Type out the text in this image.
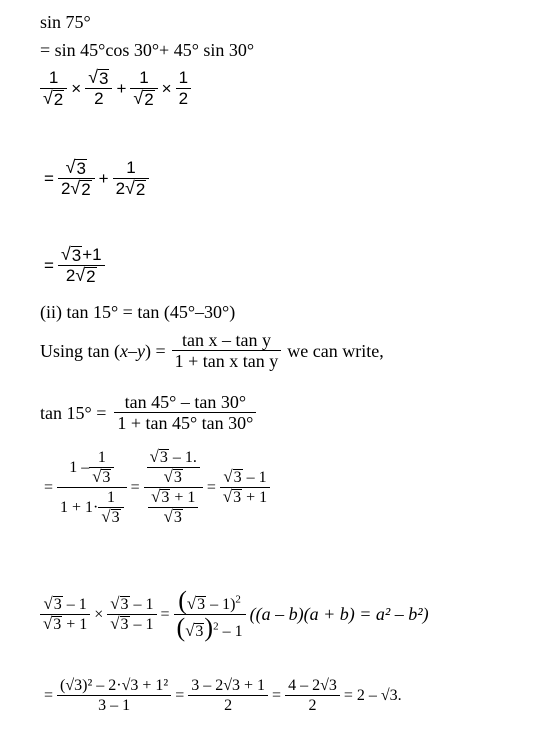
sin 75°
= sin 45°cos 30°+ 45° sin 30°
$\frac{1}{√ 2} \times \frac{√ 3}{2} + \frac{1}{√ 2} \times \frac{1}{2}$
= $\frac{√ 3}{2 √ 2} + \frac{1}{2 √ 2}$
= $\frac{√ 3 +1}{2 √ 2}$
(ii) tan 15° = tan (45°–30°)
Using tan ( x–y ) = $\frac{\text{tan x – tan y}}{\text{1 + tan x tan y}}$ we can write,
$\tan 15^\circ = \frac{\tan 45^\circ - \tan 30^\circ}{1 + \tan 45^\circ \tan 30^\circ}$
= $\frac{1 - \frac{1}{√ 3}}{1 + 1\cdot \frac{1}{√ 3}} = \frac{\frac{√ 3 - 1.}{√ 3}}{\frac{√ 3 + 1}{√ 3}} = \frac{√ 3 - 1}{√ 3 + 1}$
$\frac{√ 3 - 1}{√ 3 + 1} \times \frac{√ 3 - 1}{√ 3 - 1} = \frac{( √ 3 - 1)^2}{( √ 3 )^2 - 1} ((a - b)(a + b) = a^2 - b^2)$
= $\frac{\text{(√3)² – 2·√3 + 1²}}{3 - 1} = \frac{3 - 2√3 + 1}{2} = \frac{4 - 2√3}{2} = 2 - √3$.
